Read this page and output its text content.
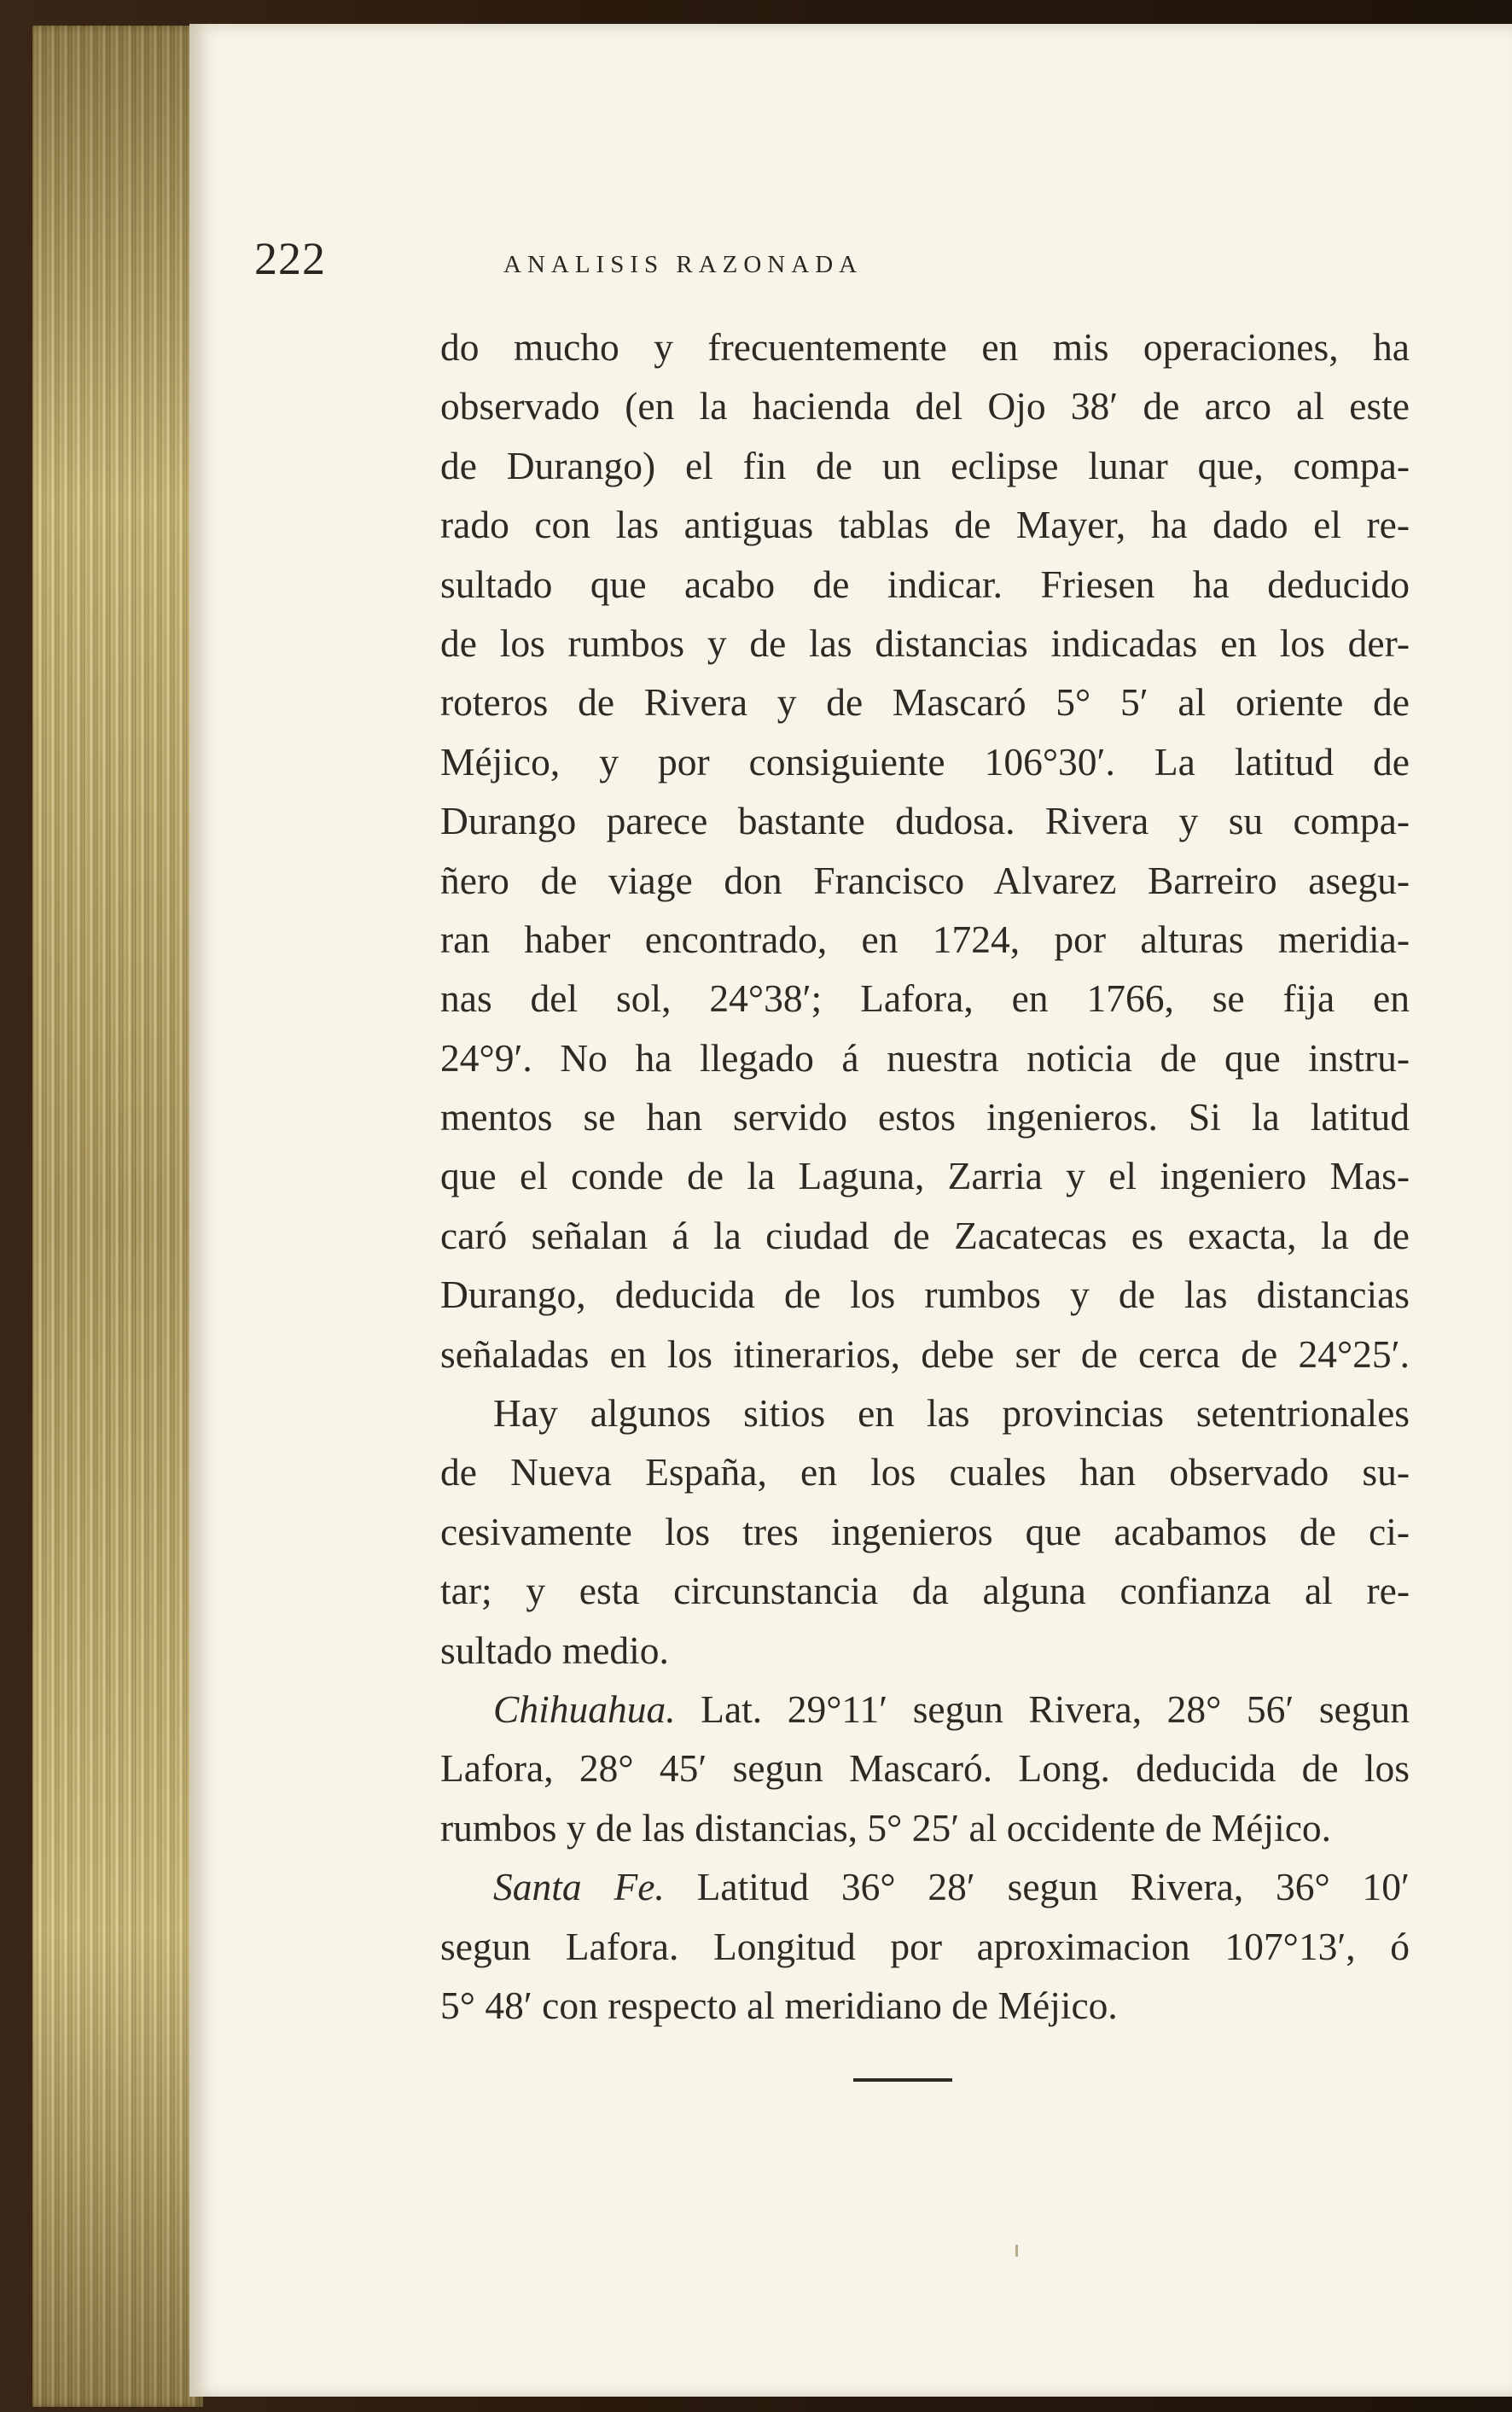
222	ANALISIS RAZONADA
do mucho y frecuentemente en mis operaciones, ha
observado (en la hacienda del Ojo 38′ de arco al este
de Durango) el fin de un eclipse lunar que, compa-
rado con las antiguas tablas de Mayer, ha dado el re-
sultado que acabo de indicar. Friesen ha deducido
de los rumbos y de las distancias indicadas en los der-
roteros de Rivera y de Mascaró 5° 5′ al oriente de
Méjico, y por consiguiente 106°30′. La latitud de
Durango parece bastante dudosa. Rivera y su compa-
ñero de viage don Francisco Alvarez Barreiro asegu-
ran haber encontrado, en 1724, por alturas meridia-
nas del sol, 24°38′; Lafora, en 1766, se fija en
24°9′. No ha llegado á nuestra noticia de que instru-
mentos se han servido estos ingenieros. Si la latitud
que el conde de la Laguna, Zarria y el ingeniero Mas-
caró señalan á la ciudad de Zacatecas es exacta, la de
Durango, deducida de los rumbos y de las distancias
señaladas en los itinerarios, debe ser de cerca de 24°25′.
Hay algunos sitios en las provincias setentrionales
de Nueva España, en los cuales han observado su-
cesivamente los tres ingenieros que acabamos de ci-
tar; y esta circunstancia da alguna confianza al re-
sultado medio.
Chihuahua. Lat. 29°11′ segun Rivera, 28° 56′ segun
Lafora, 28° 45′ segun Mascaró. Long. deducida de los
rumbos y de las distancias, 5° 25′ al occidente de Méjico.
Santa Fe. Latitud 36° 28′ segun Rivera, 36° 10′
segun Lafora. Longitud por aproximacion 107°13′, ó
5° 48′ con respecto al meridiano de Méjico.
